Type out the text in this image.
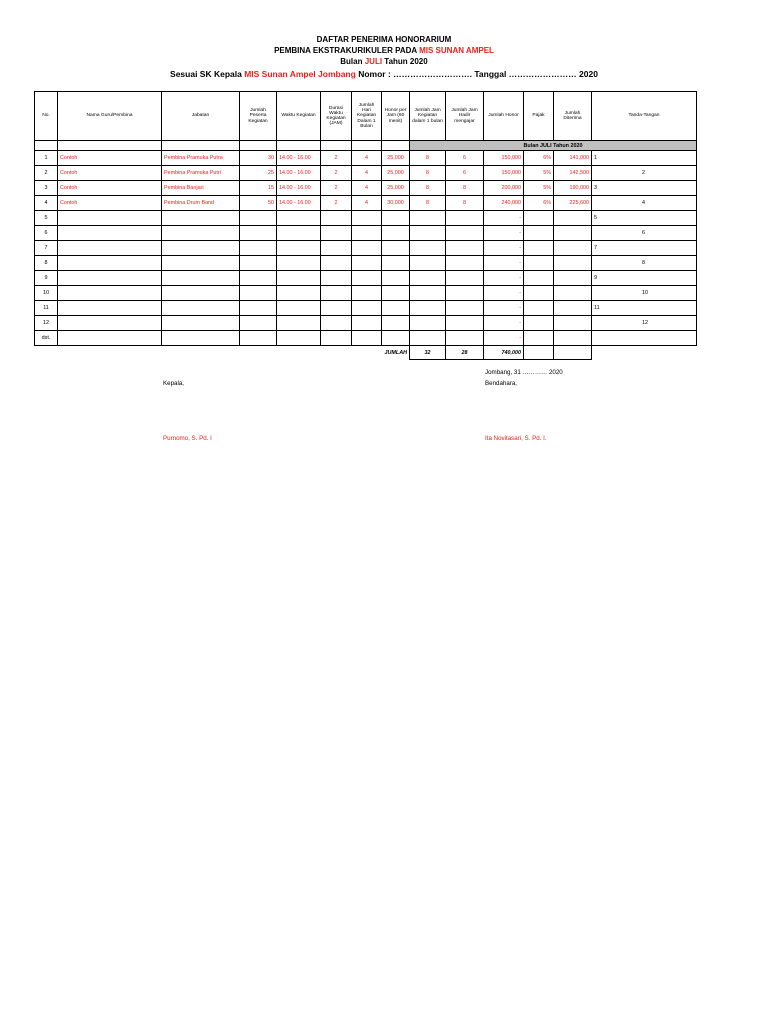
DAFTAR PENERIMA HONORARIUM
PEMBINA EKSTRAKURIKULER PADA MIS SUNAN AMPEL
Bulan JULI Tahun 2020
Sesuai SK Kepala MIS Sunan Ampel Jombang Nomor : ………………………. Tanggal …………………… 2020
No.	Nama Guru/Pembina	Jabatan	Jumlah Peserta Kegiatan	Waktu Kegiatan	Durasi Waktu Kegiatan (JAM)	Jumlah Hari Kegiatan Dalam 1 Bulan	Honor per Jam (60 menit)	Jumlah Jam Kegiatan dalam 1 bulan	Jumlah Jam Hadir mengajar	Jumlah Honor	Pajak	Jumlah Diterima	Tanda-Tangan
								Bulan JULI Tahun 2020					
1	Contoh	Pembina Pramuka Putra	30	14.00 - 16.00	2	4	25,000	8	6	150,000	6%	141,000	1
2	Contoh	Pembina Pramuka Putri	25	14.00 - 16.00	2	4	25,000	8	6	150,000	5%	142,500	2
3	Contoh	Pembina Banjari	15	14.00 - 16.00	2	4	25,000	8	8	200,000	5%	190,000	3
4	Contoh	Pembina Drum Band	50	14.00 - 16.00	2	4	30,000	8	8	240,000	6%	225,600	4
5										-			5
6										-			6
7										-			7
8										-			8
9										-			9
10										-			10
11										-			11
12										-			12
dst.										-			
JUMLAH								32	28	740,000			
Kepala,
Jombang, 31 ………… 2020
Bendahara,
Purnomo, S. Pd. I	Ita Novitasari, S. Pd. I.
